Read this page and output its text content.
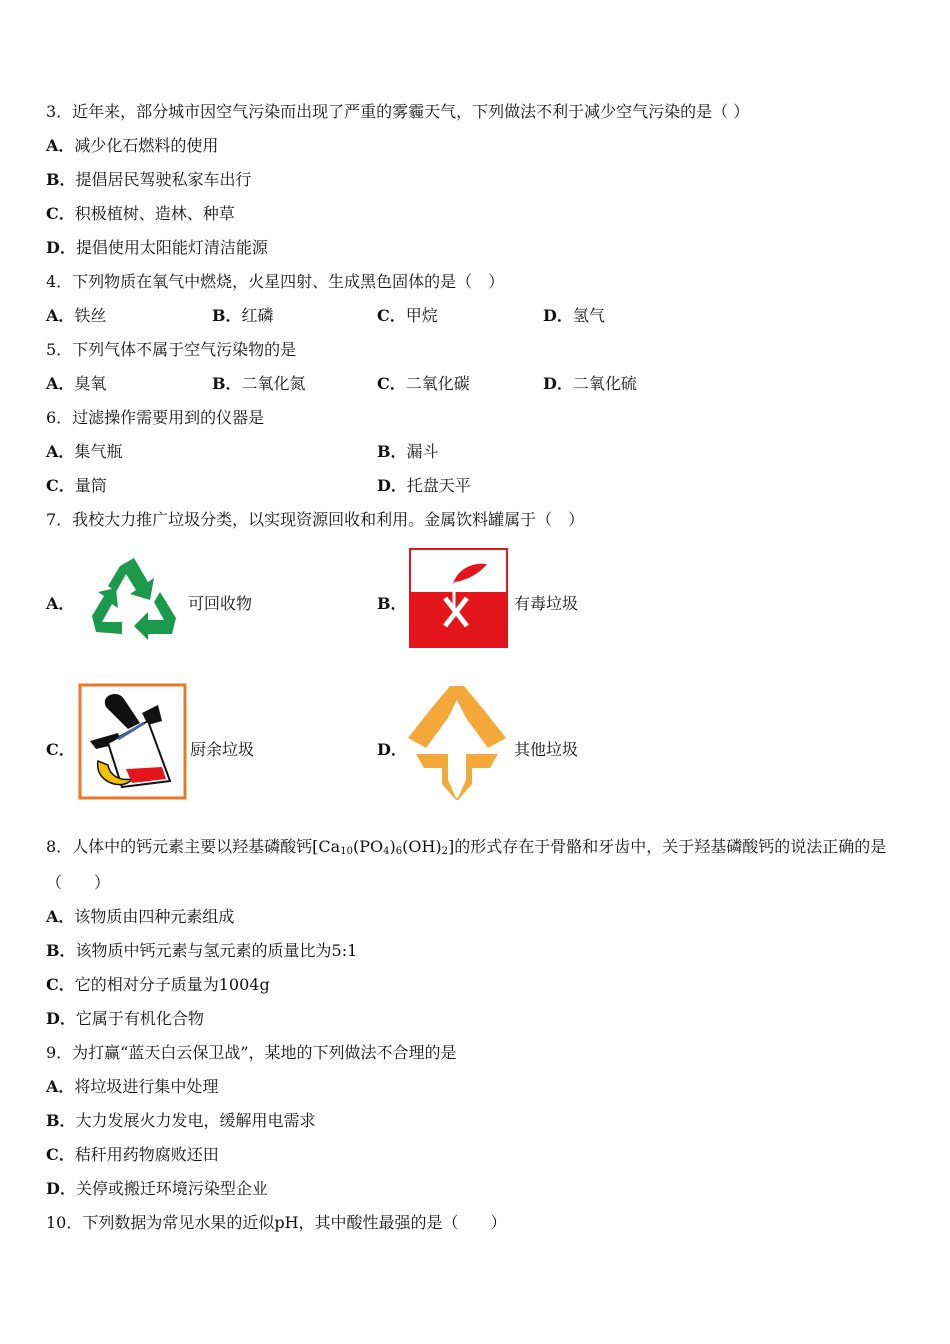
3．近年来，部分城市因空气污染而出现了严重的雾霾天气，下列做法不利于减少空气污染的是（ ）
A．减少化石燃料的使用
B．提倡居民驾驶私家车出行
C．积极植树、造林、种草
D．提倡使用太阳能灯清洁能源
4．下列物质在氧气中燃烧，火星四射、生成黑色固体的是（　）
A．铁丝	B．红磷	C．甲烷	D．氢气
5．下列气体不属于空气污染物的是
A．臭氧	B．二氧化氮	C．二氧化碳	D．二氧化硫
6．过滤操作需要用到的仪器是
A．集气瓶	B．漏斗
C．量筒	D．托盘天平
7．我校大力推广垃圾分类，以实现资源回收和利用。金属饮料罐属于（　）
A．	可回收物	B．	有毒垃圾
C．	厨余垃圾	D．	其他垃圾
8．人体中的钙元素主要以羟基磷酸钙$[Ca_{10}(PO_4)_6(OH)_2]$的形式存在于骨骼和牙齿中，关于羟基磷酸钙的说法正确的是
（　　）
A．该物质由四种元素组成
B．该物质中钙元素与氢元素的质量比为5:1
C．它的相对分子质量为1004g
D．它属于有机化合物
9．为打赢“蓝天白云保卫战”，某地的下列做法不合理的是
A．将垃圾进行集中处理
B．大力发展火力发电，缓解用电需求
C．秸秆用药物腐败还田
D．关停或搬迁环境污染型企业
10．下列数据为常见水果的近似pH，其中酸性最强的是（　　）
